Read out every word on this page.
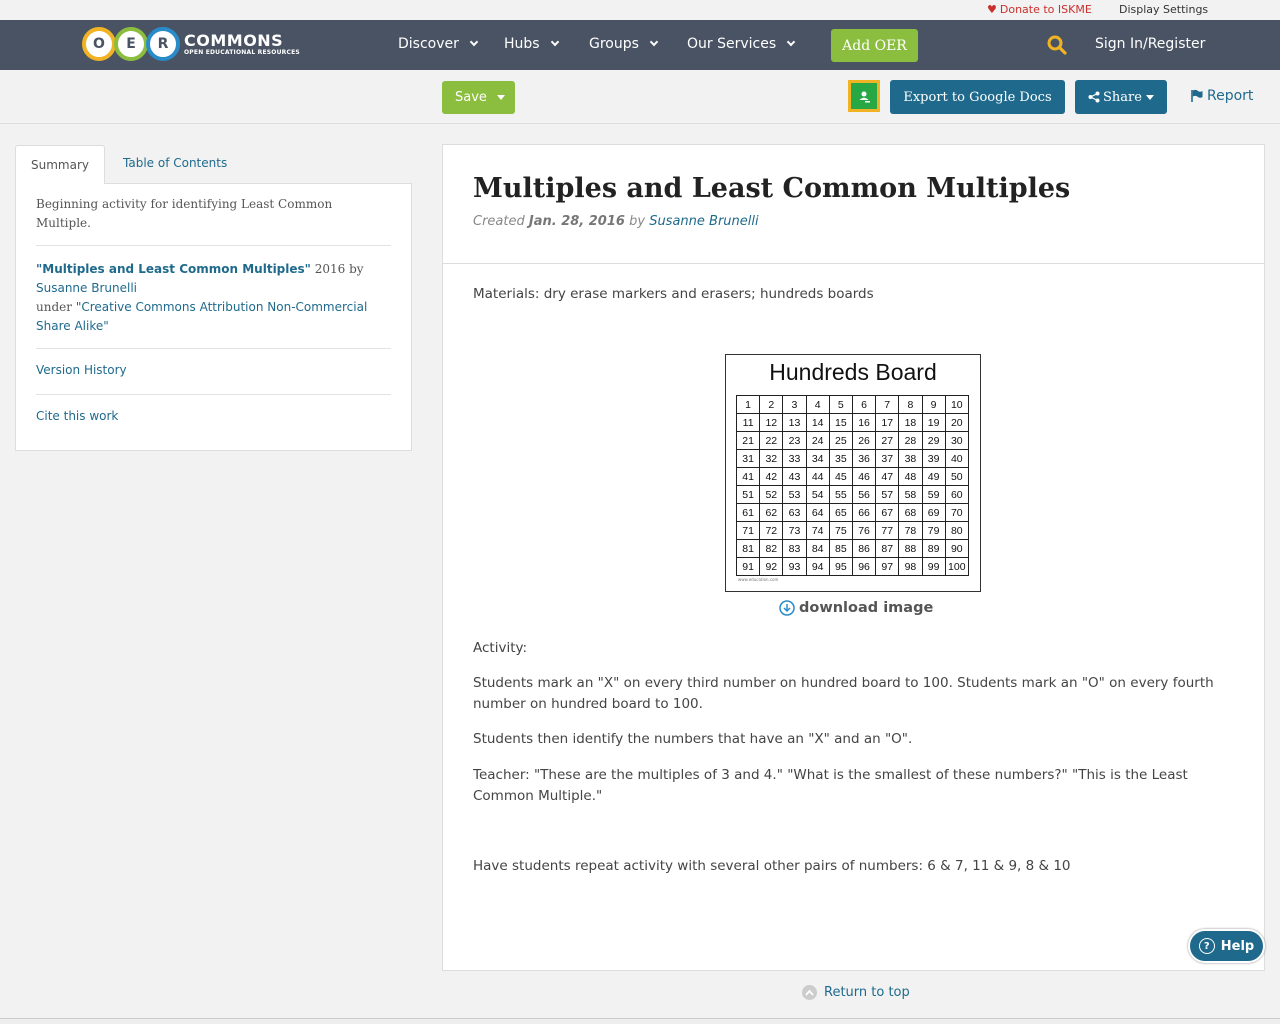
♥ Donate to ISKME Display Settings
O	E	R COMMONS
OPEN EDUCATIONAL RESOURCES	Discover	Hubs	Groups	Our Services	Add OER	Sign In/Register
Save	Export to Google Docs	Share	Report
Summary	Table of Contents
Beginning activity for identifying Least Common Multiple.
"Multiples and Least Common Multiples" 2016 by
Susanne Brunelli
under "Creative Commons Attribution Non-Commercial Share Alike"
Version History
Cite this work
Multiples and Least Common Multiples
Created Jan. 28, 2016 by Susanne Brunelli

Materials: dry erase markers and erasers; hundreds boards

Hundreds Board
1	2	3	4	5	6	7	8	9	10
11	12	13	14	15	16	17	18	19	20
21	22	23	24	25	26	27	28	29	30
31	32	33	34	35	36	37	38	39	40
41	42	43	44	45	46	47	48	49	50
51	52	53	54	55	56	57	58	59	60
61	62	63	64	65	66	67	68	69	70
71	72	73	74	75	76	77	78	79	80
81	82	83	84	85	86	87	88	89	90
91	92	93	94	95	96	97	98	99	100
www.education.com
download image

Activity:

Students mark an "X" on every third number on hundred board to 100. Students mark an "O" on every fourth number on hundred board to 100.

Students then identify the numbers that have an "X" and an "O".

Teacher: "These are the multiples of 3 and 4." "What is the smallest of these numbers?" "This is the Least Common Multiple."

Have students repeat activity with several other pairs of numbers: 6 & 7, 11 & 9, 8 & 10

? Help
Return to top
